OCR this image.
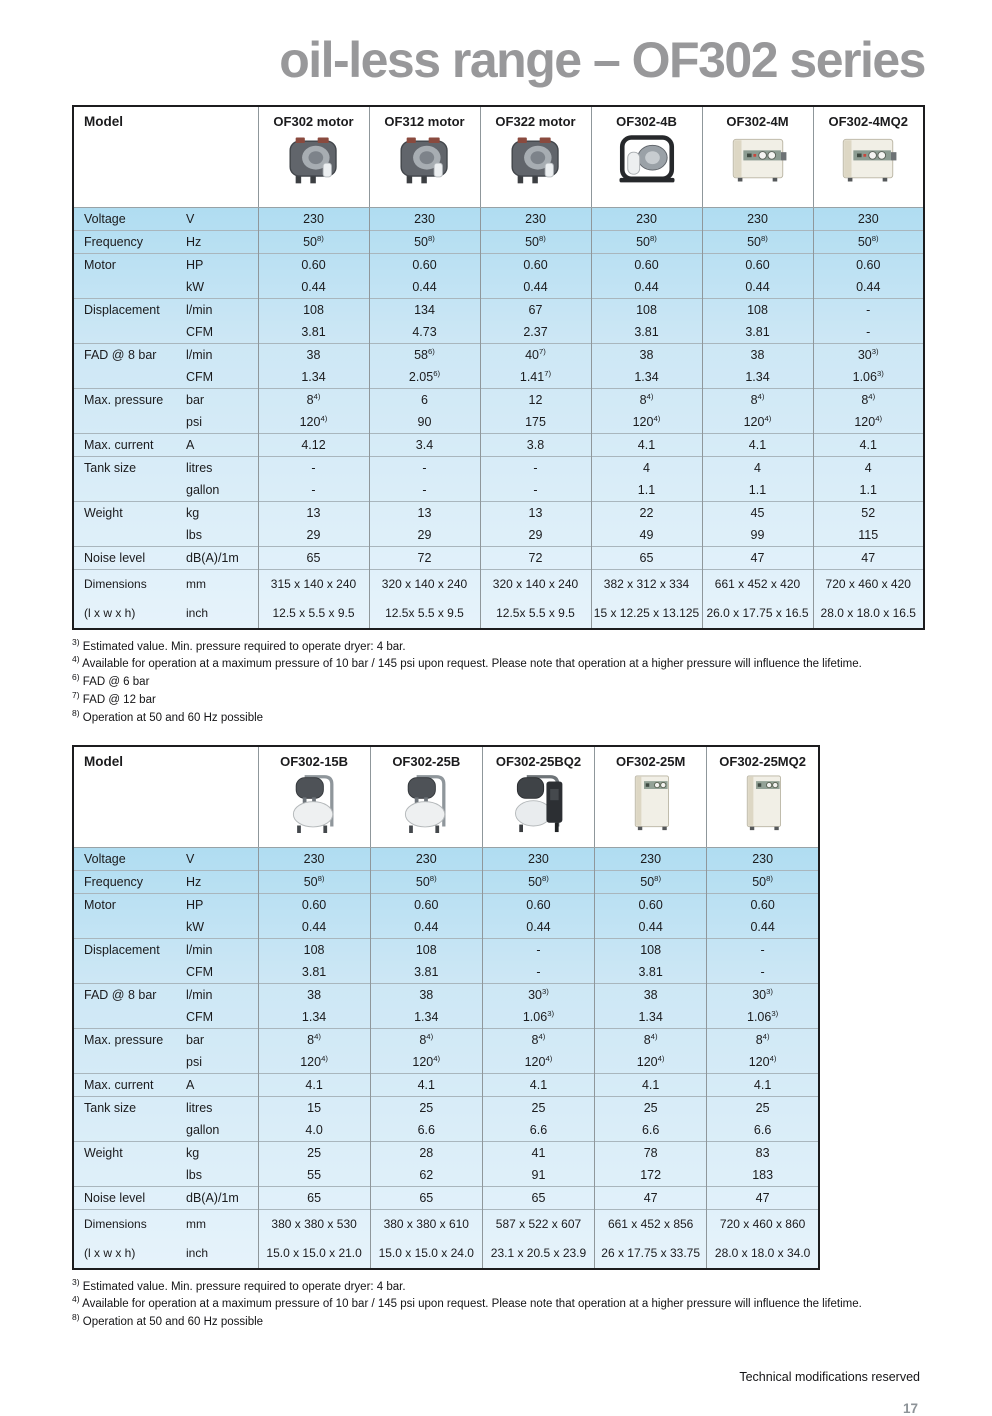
oil-less range – OF302 series
Model		OF302 motor	OF312 motor	OF322 motor	OF302-4B	OF302-4M	OF302-4MQ2

Voltage	V	230	230	230	230	230	230
Frequency	Hz	50$^{8)}$	50$^{8)}$	50$^{8)}$	50$^{8)}$	50$^{8)}$	50$^{8)}$
Motor	HP	0.60	0.60	0.60	0.60	0.60	0.60
	kW	0.44	0.44	0.44	0.44	0.44	0.44
Displacement	l/min	108	134	67	108	108	-
	CFM	3.81	4.73	2.37	3.81	3.81	-
FAD @ 8 bar	l/min	38	58$^{6)}$	40$^{7)}$	38	38	30$^{3)}$
	CFM	1.34	2.05$^{6)}$	1.41$^{7)}$	1.34	1.34	1.06$^{3)}$
Max. pressure	bar	8$^{4)}$	6	12	8$^{4)}$	8$^{4)}$	8$^{4)}$
	psi	120$^{4)}$	90	175	120$^{4)}$	120$^{4)}$	120$^{4)}$
Max. current	A	4.12	3.4	3.8	4.1	4.1	4.1
Tank size	litres	-	-	-	4	4	4
	gallon	-	-	-	1.1	1.1	1.1
Weight	kg	13	13	13	22	45	52
	lbs	29	29	29	49	99	115
Noise level	dB(A)/1m	65	72	72	65	47	47
Dimensions	mm	315 x 140 x 240	320 x 140 x 240	320 x 140 x 240	382 x 312 x 334	661 x 452 x 420	720 x 460 x 420
(l x w x h)	inch	12.5 x 5.5 x 9.5	12.5x 5.5 x 9.5	12.5x 5.5 x 9.5	15 x 12.25 x 13.125	26.0 x 17.75 x 16.5	28.0 x 18.0 x 16.5
$^{3)}$ Estimated value. Min. pressure required to operate dryer: 4 bar.
$^{4)}$ Available for operation at a maximum pressure of 10 bar / 145 psi upon request. Please note that operation at a higher pressure will influence the lifetime.
$^{6)}$ FAD @ 6 bar
$^{7)}$ FAD @ 12 bar
$^{8)}$ Operation at 50 and 60 Hz possible
Model		OF302-15B	OF302-25B	OF302-25BQ2	OF302-25M	OF302-25MQ2

Voltage	V	230	230	230	230	230
Frequency	Hz	50$^{8)}$	50$^{8)}$	50$^{8)}$	50$^{8)}$	50$^{8)}$
Motor	HP	0.60	0.60	0.60	0.60	0.60
	kW	0.44	0.44	0.44	0.44	0.44
Displacement	l/min	108	108	-	108	-
	CFM	3.81	3.81	-	3.81	-
FAD @ 8 bar	l/min	38	38	30$^{3)}$	38	30$^{3)}$
	CFM	1.34	1.34	1.06$^{3)}$	1.34	1.06$^{3)}$
Max. pressure	bar	8$^{4)}$	8$^{4)}$	8$^{4)}$	8$^{4)}$	8$^{4)}$
	psi	120$^{4)}$	120$^{4)}$	120$^{4)}$	120$^{4)}$	120$^{4)}$
Max. current	A	4.1	4.1	4.1	4.1	4.1
Tank size	litres	15	25	25	25	25
	gallon	4.0	6.6	6.6	6.6	6.6
Weight	kg	25	28	41	78	83
	lbs	55	62	91	172	183
Noise level	dB(A)/1m	65	65	65	47	47
Dimensions	mm	380 x 380 x 530	380 x 380 x 610	587 x 522 x 607	661 x 452 x 856	720 x 460 x 860
(l x w x h)	inch	15.0 x 15.0 x 21.0	15.0 x 15.0 x 24.0	23.1 x 20.5 x 23.9	26 x 17.75 x 33.75	28.0 x 18.0 x 34.0
$^{3)}$ Estimated value. Min. pressure required to operate dryer: 4 bar.
$^{4)}$ Available for operation at a maximum pressure of 10 bar / 145 psi upon request. Please note that operation at a higher pressure will influence the lifetime.
$^{8)}$ Operation at 50 and 60 Hz possible
Technical modifications reserved
17
